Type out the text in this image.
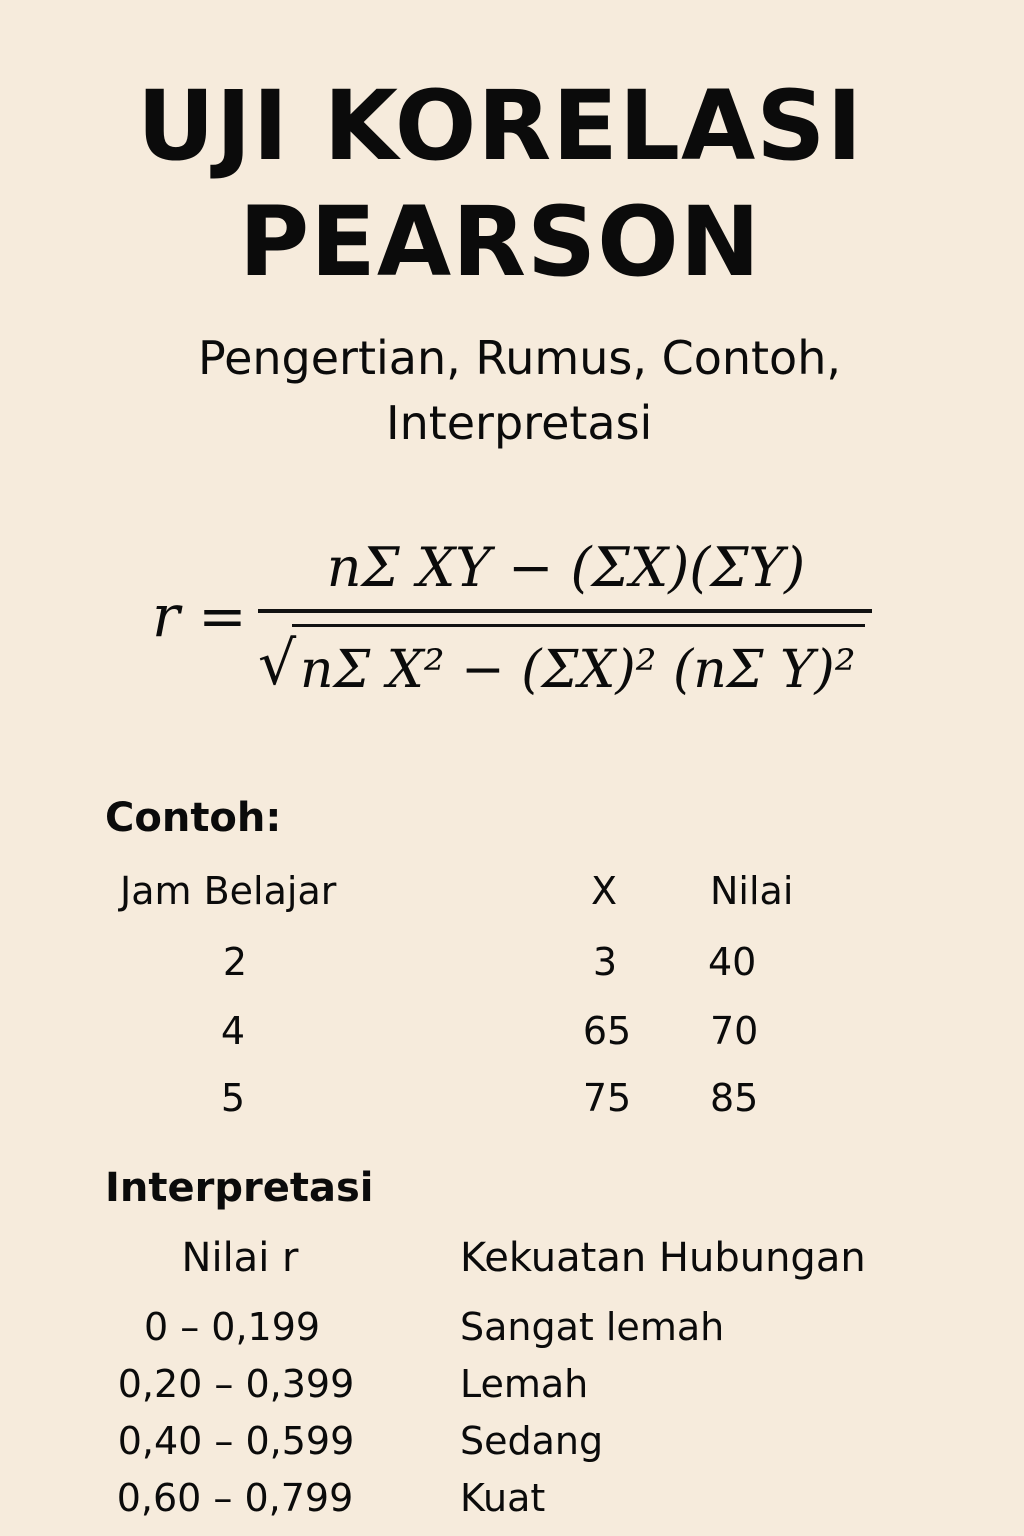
UJI KORELASI
PEARSON
Pengertian, Rumus, Contoh,
Interpretasi
r =
nΣ XY − (ΣX)(ΣY)
√ nΣ X² − (ΣX)² (nΣ Y)²
Contoh:
Jam Belajar	X Nilai
2	3 40
4	65 70
5	75 85
Interpretasi
Nilai r	Kekuatan Hubungan
0 – 0,199	Sangat lemah
0,20 – 0,399	Lemah
0,40 – 0,599	Sedang
0,60 – 0,799	Kuat
